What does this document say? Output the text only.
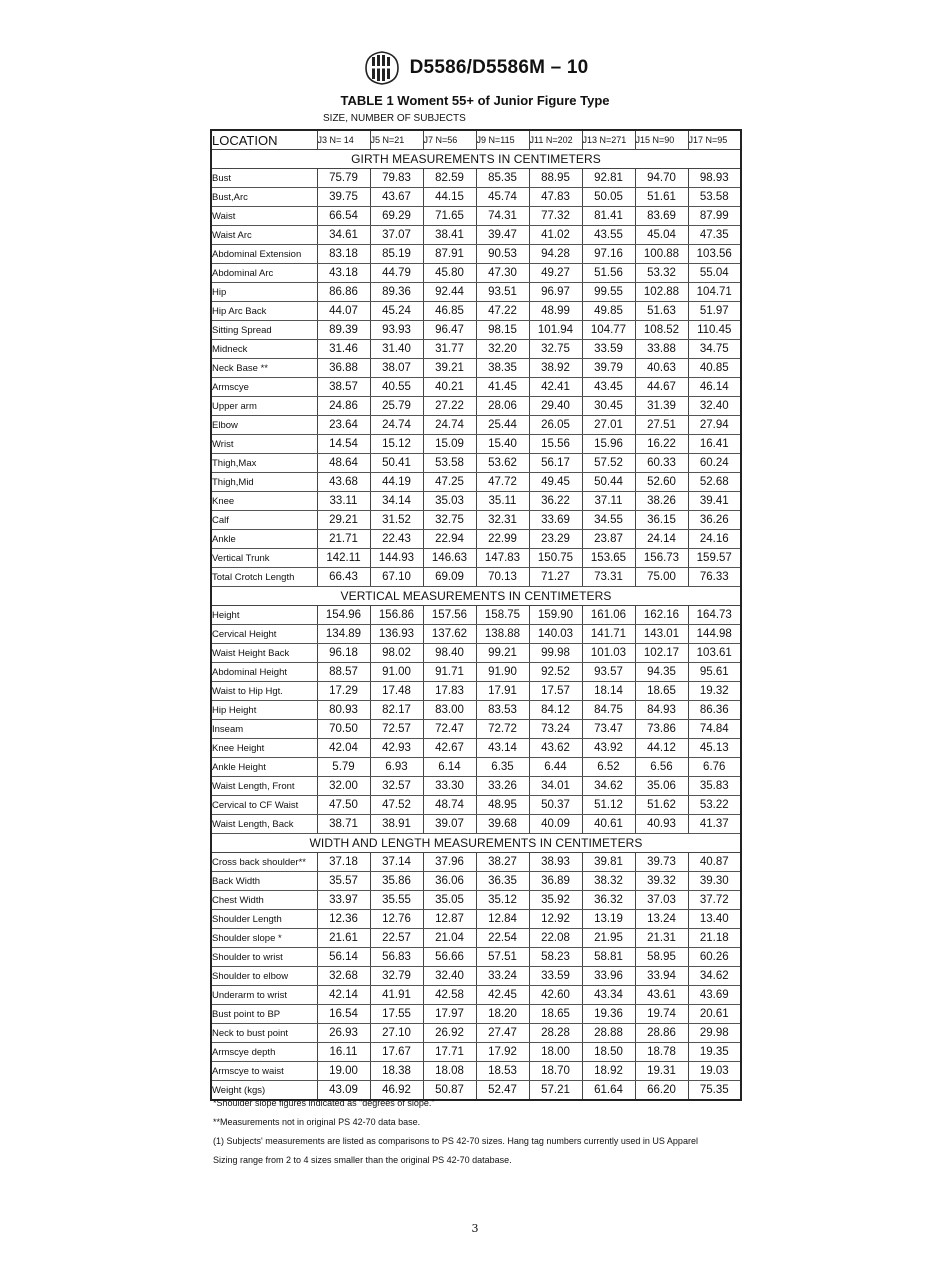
D5586/D5586M – 10
TABLE 1 Woment 55+ of Junior Figure Type
SIZE, NUMBER OF SUBJECTS
LOCATION	J3 N= 14	J5 N=21	J7 N=56	J9 N=115	J11 N=202	J13 N=271	J15 N=90	J17 N=95
GIRTH MEASUREMENTS IN CENTIMETERS								
Bust	75.79	79.83	82.59	85.35	88.95	92.81	94.70	98.93
Bust,Arc	39.75	43.67	44.15	45.74	47.83	50.05	51.61	53.58
Waist	66.54	69.29	71.65	74.31	77.32	81.41	83.69	87.99
Waist Arc	34.61	37.07	38.41	39.47	41.02	43.55	45.04	47.35
Abdominal Extension	83.18	85.19	87.91	90.53	94.28	97.16	100.88	103.56
Abdominal Arc	43.18	44.79	45.80	47.30	49.27	51.56	53.32	55.04
Hip	86.86	89.36	92.44	93.51	96.97	99.55	102.88	104.71
Hip Arc Back	44.07	45.24	46.85	47.22	48.99	49.85	51.63	51.97
Sitting Spread	89.39	93.93	96.47	98.15	101.94	104.77	108.52	110.45
Midneck	31.46	31.40	31.77	32.20	32.75	33.59	33.88	34.75
Neck Base **	36.88	38.07	39.21	38.35	38.92	39.79	40.63	40.85
Armscye	38.57	40.55	40.21	41.45	42.41	43.45	44.67	46.14
Upper arm	24.86	25.79	27.22	28.06	29.40	30.45	31.39	32.40
Elbow	23.64	24.74	24.74	25.44	26.05	27.01	27.51	27.94
Wrist	14.54	15.12	15.09	15.40	15.56	15.96	16.22	16.41
Thigh,Max	48.64	50.41	53.58	53.62	56.17	57.52	60.33	60.24
Thigh,Mid	43.68	44.19	47.25	47.72	49.45	50.44	52.60	52.68
Knee	33.11	34.14	35.03	35.11	36.22	37.11	38.26	39.41
Calf	29.21	31.52	32.75	32.31	33.69	34.55	36.15	36.26
Ankle	21.71	22.43	22.94	22.99	23.29	23.87	24.14	24.16
Vertical Trunk	142.11	144.93	146.63	147.83	150.75	153.65	156.73	159.57
Total Crotch Length	66.43	67.10	69.09	70.13	71.27	73.31	75.00	76.33
VERTICAL MEASUREMENTS IN CENTIMETERS								
Height	154.96	156.86	157.56	158.75	159.90	161.06	162.16	164.73
Cervical Height	134.89	136.93	137.62	138.88	140.03	141.71	143.01	144.98
Waist Height Back	96.18	98.02	98.40	99.21	99.98	101.03	102.17	103.61
Abdominal Height	88.57	91.00	91.71	91.90	92.52	93.57	94.35	95.61
Waist to Hip Hgt.	17.29	17.48	17.83	17.91	17.57	18.14	18.65	19.32
Hip Height	80.93	82.17	83.00	83.53	84.12	84.75	84.93	86.36
Inseam	70.50	72.57	72.47	72.72	73.24	73.47	73.86	74.84
Knee Height	42.04	42.93	42.67	43.14	43.62	43.92	44.12	45.13
Ankle Height	5.79	6.93	6.14	6.35	6.44	6.52	6.56	6.76
Waist Length, Front	32.00	32.57	33.30	33.26	34.01	34.62	35.06	35.83
Cervical to CF Waist	47.50	47.52	48.74	48.95	50.37	51.12	51.62	53.22
Waist Length, Back	38.71	38.91	39.07	39.68	40.09	40.61	40.93	41.37
WIDTH AND LENGTH MEASUREMENTS IN CENTIMETERS								
Cross back shoulder**	37.18	37.14	37.96	38.27	38.93	39.81	39.73	40.87
Back Width	35.57	35.86	36.06	36.35	36.89	38.32	39.32	39.30
Chest Width	33.97	35.55	35.05	35.12	35.92	36.32	37.03	37.72
Shoulder Length	12.36	12.76	12.87	12.84	12.92	13.19	13.24	13.40
Shoulder slope *	21.61	22.57	21.04	22.54	22.08	21.95	21.31	21.18
Shoulder to wrist	56.14	56.83	56.66	57.51	58.23	58.81	58.95	60.26
Shoulder to elbow	32.68	32.79	32.40	33.24	33.59	33.96	33.94	34.62
Underarm to wrist	42.14	41.91	42.58	42.45	42.60	43.34	43.61	43.69
Bust point to BP	16.54	17.55	17.97	18.20	18.65	19.36	19.74	20.61
Neck to bust point	26.93	27.10	26.92	27.47	28.28	28.88	28.86	29.98
Armscye depth	16.11	17.67	17.71	17.92	18.00	18.50	18.78	19.35
Armscye to waist	19.00	18.38	18.08	18.53	18.70	18.92	19.31	19.03
Weight (kgs)	43.09	46.92	50.87	52.47	57.21	61.64	66.20	75.35

*Shoulder slope figures indicated as "degrees of slope."

**Measurements not in original PS 42-70 data base.

(1) Subjects' measurements are listed as comparisons to PS 42-70 sizes. Hang tag numbers currently used in US Apparel

Sizing range from 2 to 4 sizes smaller than the original PS 42-70 database.

3
